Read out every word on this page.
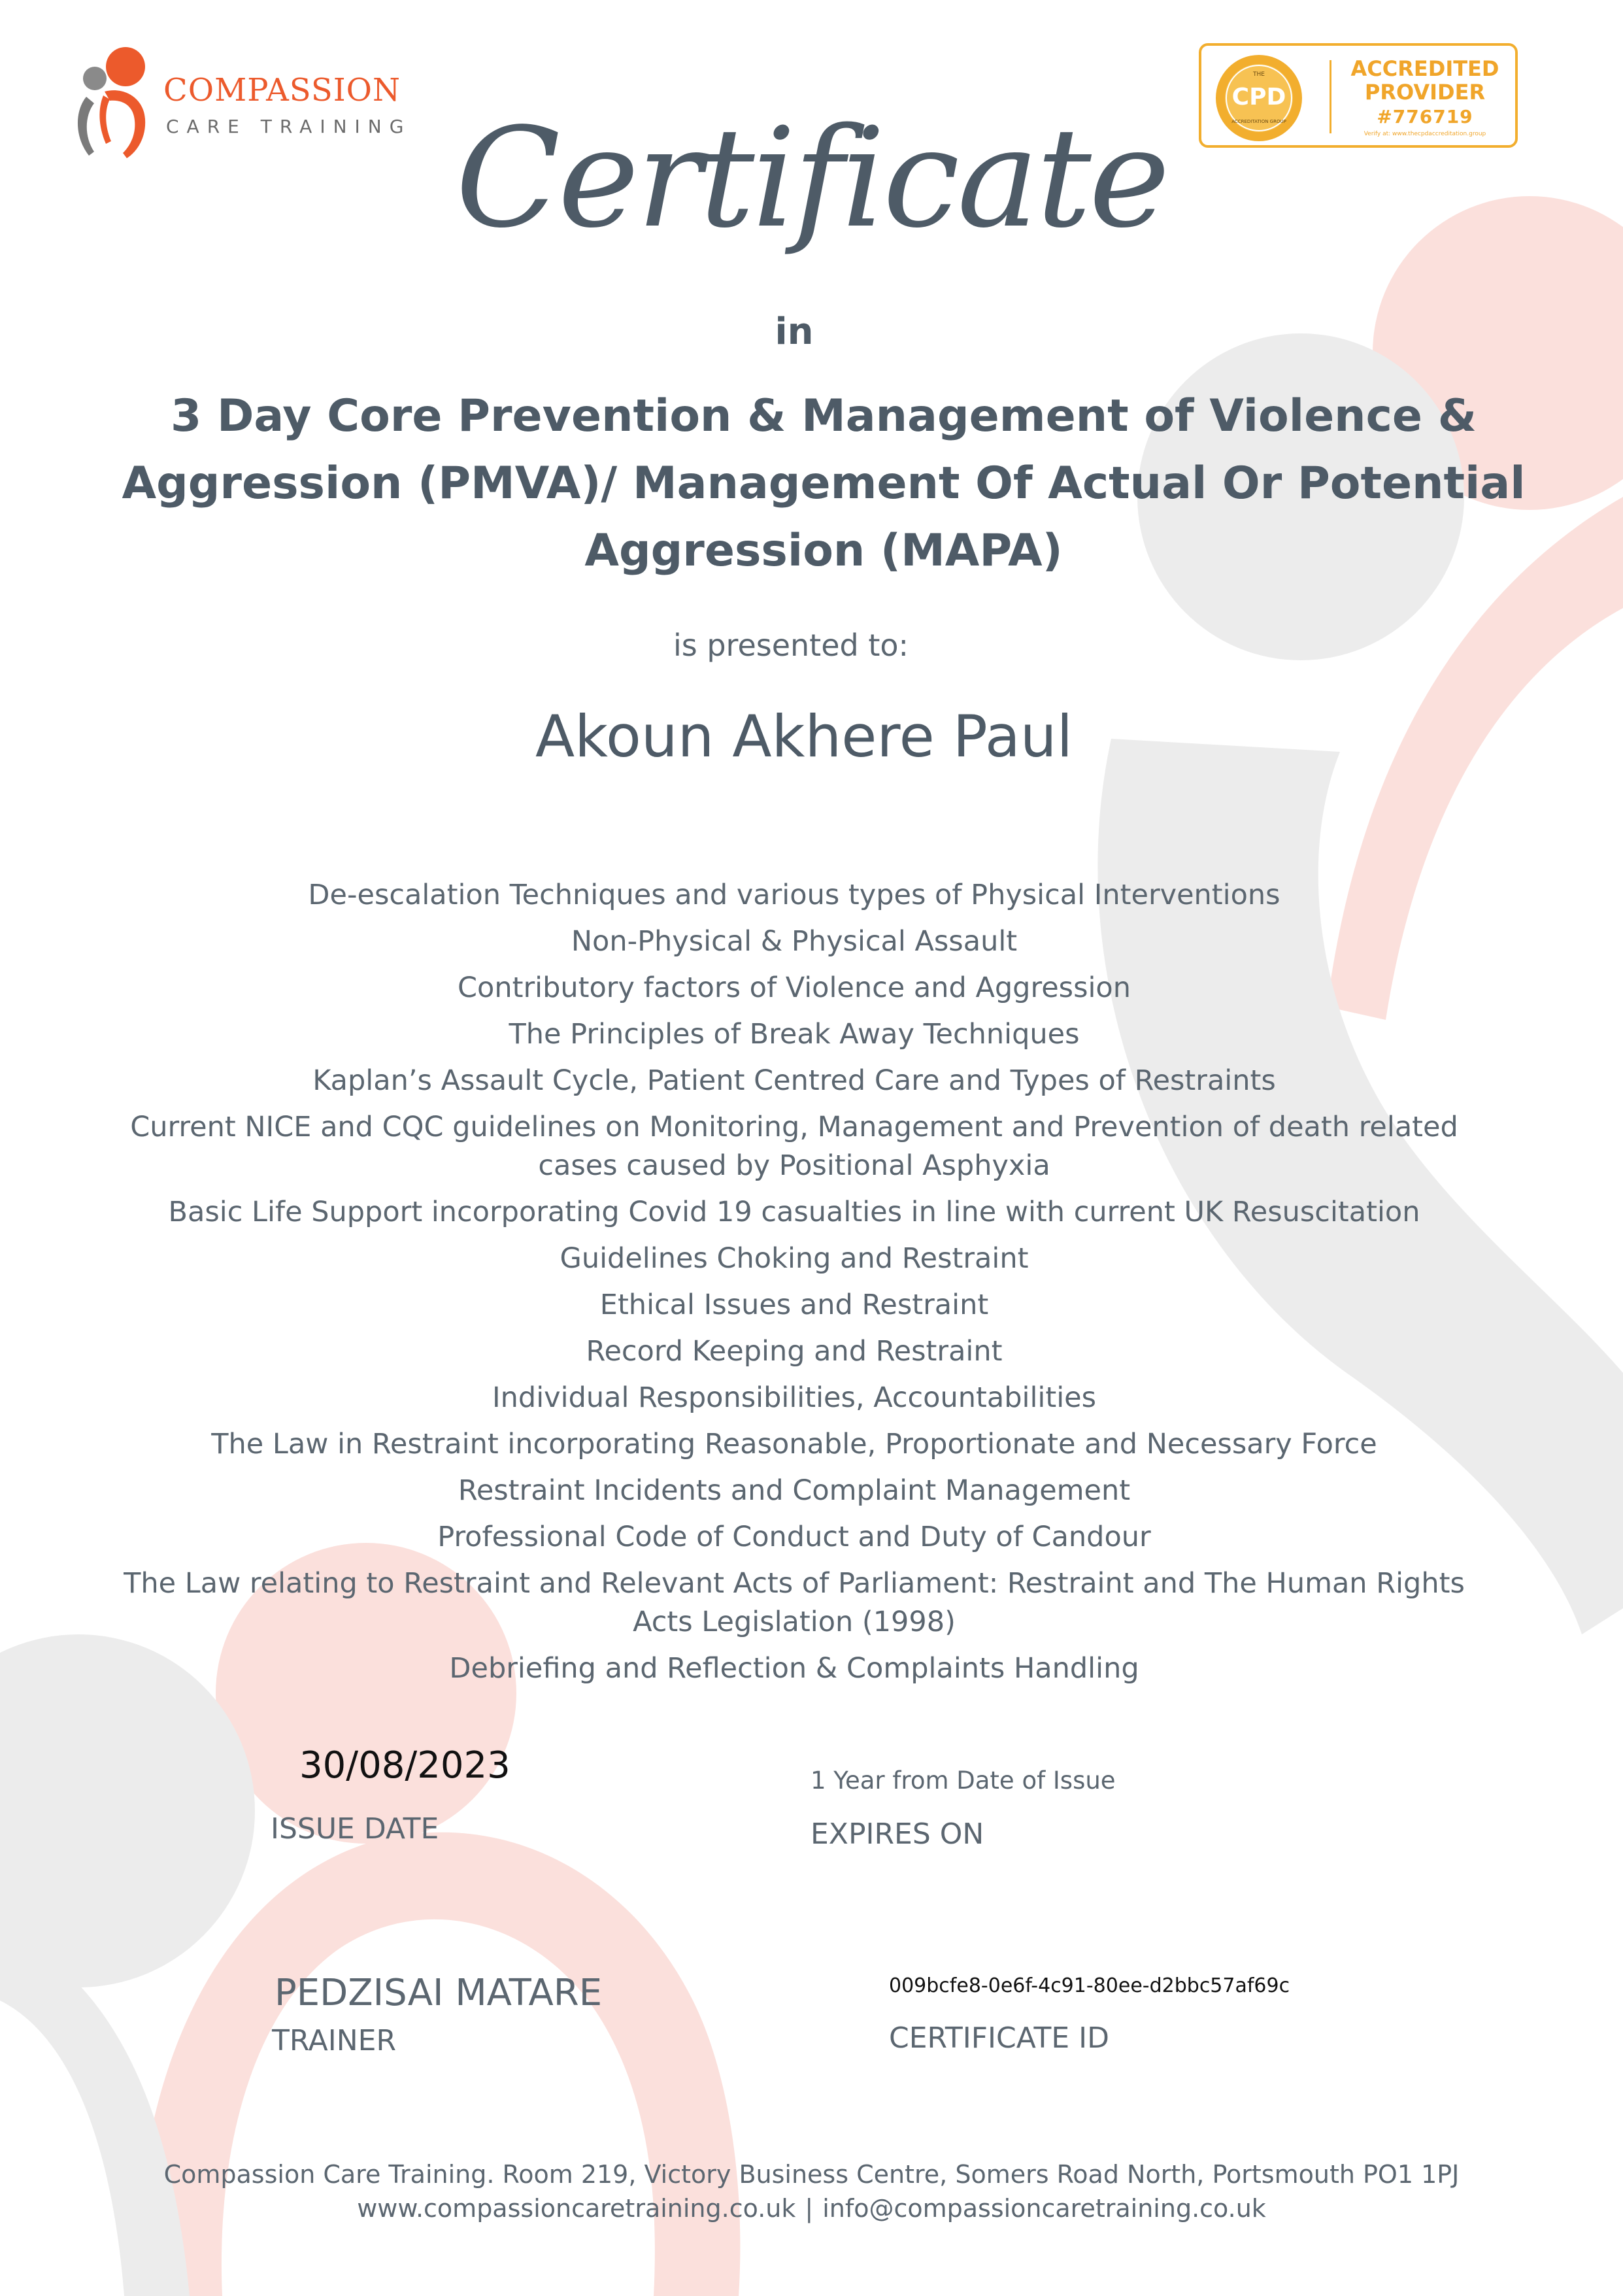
COMPASSION
CARE TRAINING
THE
CPD
ACCREDITATION GROUP
ACCREDITED
PROVIDER
#776719
Verify at: www.thecpdaccreditation.group
Certificate
in
3 Day Core Prevention & Management of Violence & Aggression (PMVA)/ Management Of Actual Or Potential Aggression (MAPA)
is presented to:
Akoun Akhere Paul
De-escalation Techniques and various types of Physical Interventions
Non-Physical & Physical Assault
Contributory factors of Violence and Aggression
The Principles of Break Away Techniques
Kaplan’s Assault Cycle, Patient Centred Care and Types of Restraints
Current NICE and CQC guidelines on Monitoring, Management and Prevention of death related cases caused by Positional Asphyxia
Basic Life Support incorporating Covid 19 casualties in line with current UK Resuscitation
Guidelines Choking and Restraint
Ethical Issues and Restraint
Record Keeping and Restraint
Individual Responsibilities, Accountabilities
The Law in Restraint incorporating Reasonable, Proportionate and Necessary Force
Restraint Incidents and Complaint Management
Professional Code of Conduct and Duty of Candour
The Law relating to Restraint and Relevant Acts of Parliament: Restraint and The Human Rights Acts Legislation (1998)
Debriefing and Reflection & Complaints Handling
30/08/2023
ISSUE DATE
1 Year from Date of Issue
EXPIRES ON
PEDZISAI MATARE
TRAINER
009bcfe8-0e6f-4c91-80ee-d2bbc57af69c
CERTIFICATE ID
Compassion Care Training. Room 219, Victory Business Centre, Somers Road North, Portsmouth PO1 1PJ
www.compassioncaretraining.co.uk | info@compassioncaretraining.co.uk
